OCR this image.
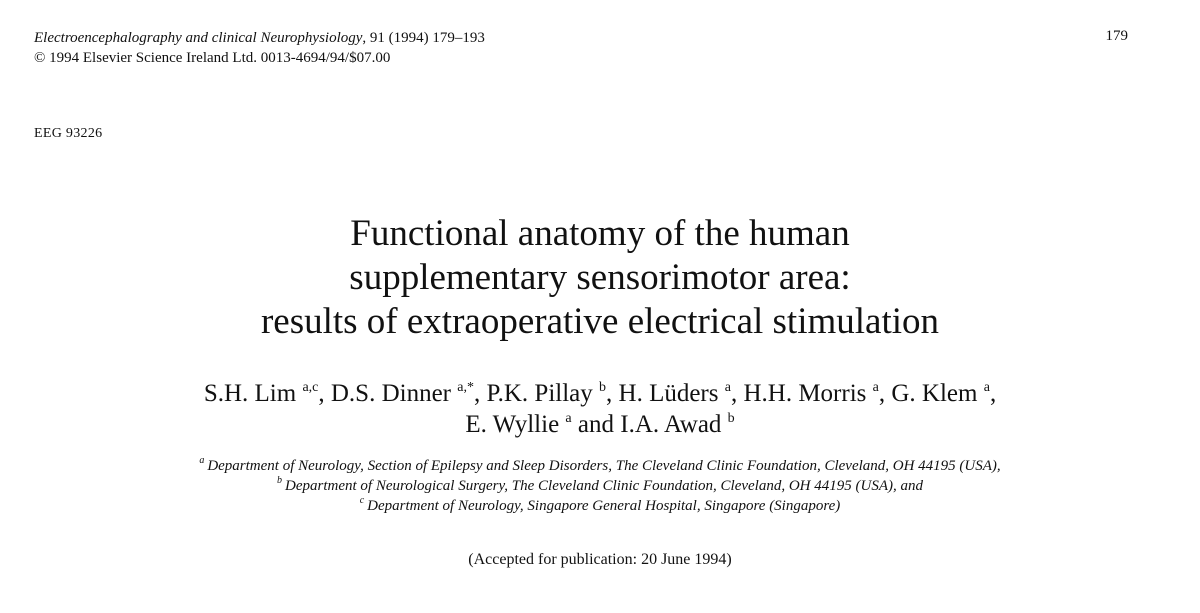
Electroencephalography and clinical Neurophysiology, 91 (1994) 179–193
© 1994 Elsevier Science Ireland Ltd. 0013-4694/94/$07.00
179
EEG 93226
Functional anatomy of the human
supplementary sensorimotor area:
results of extraoperative electrical stimulation
S.H. Lim $^{a,c}$, D.S. Dinner $^{a,*}$, P.K. Pillay $^b$, H. Lüders $^a$, H.H. Morris $^a$, G. Klem $^a$,
E. Wyllie $^a$ and I.A. Awad $^b$
$^a$ Department of Neurology, Section of Epilepsy and Sleep Disorders, The Cleveland Clinic Foundation, Cleveland, OH 44195 (USA),
$^b$ Department of Neurological Surgery, The Cleveland Clinic Foundation, Cleveland, OH 44195 (USA), and
$^c$ Department of Neurology, Singapore General Hospital, Singapore (Singapore)
(Accepted for publication: 20 June 1994)
